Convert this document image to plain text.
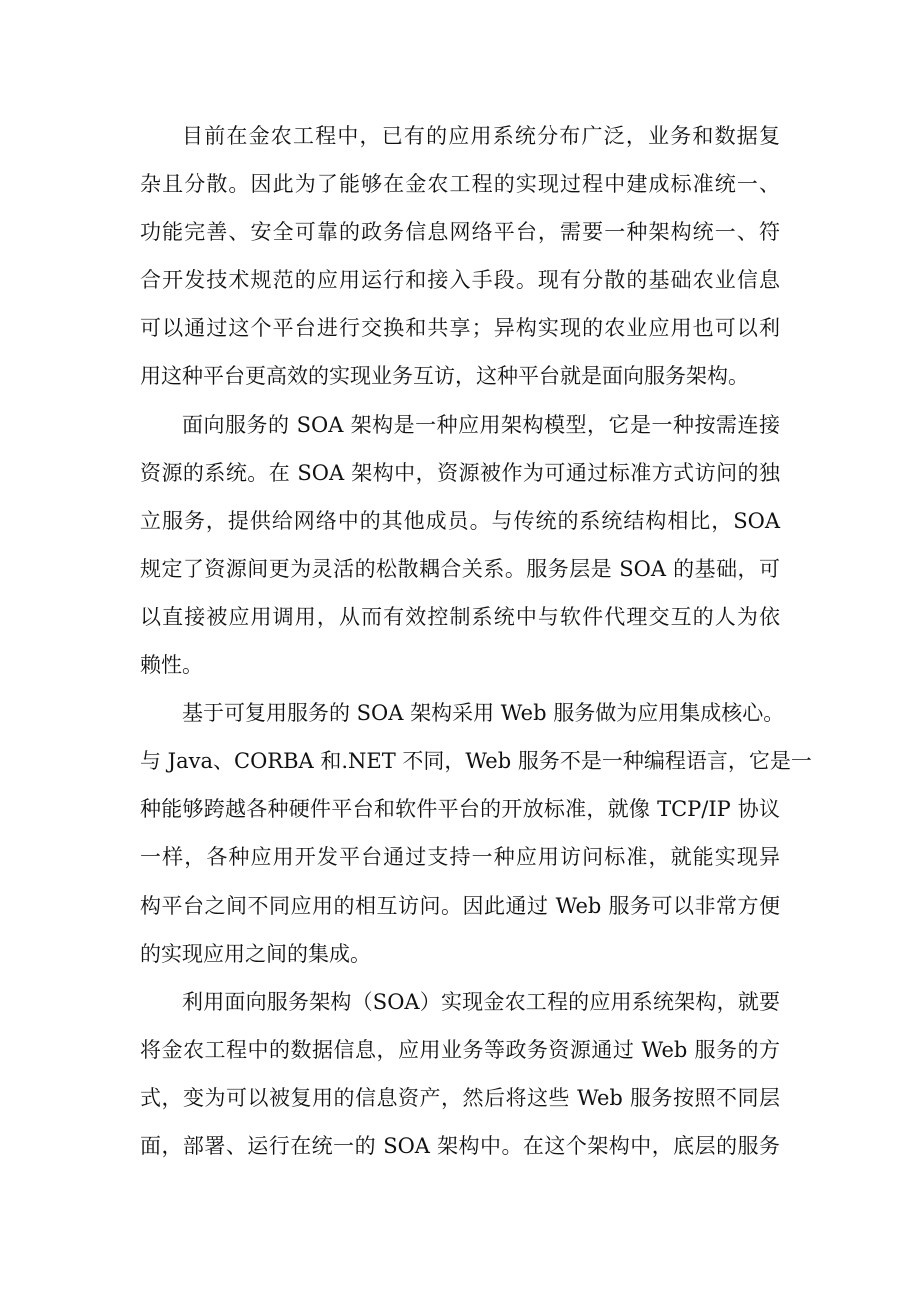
目前在金农工程中，已有的应用系统分布广泛，业务和数据复
杂且分散。因此为了能够在金农工程的实现过程中建成标准统一、
功能完善、安全可靠的政务信息网络平台，需要一种架构统一、符
合开发技术规范的应用运行和接入手段。现有分散的基础农业信息
可以通过这个平台进行交换和共享；异构实现的农业应用也可以利
用这种平台更高效的实现业务互访，这种平台就是面向服务架构。
面向服务的 SOA 架构是一种应用架构模型，它是一种按需连接
资源的系统。在 SOA 架构中，资源被作为可通过标准方式访问的独
立服务，提供给网络中的其他成员。与传统的系统结构相比，SOA
规定了资源间更为灵活的松散耦合关系。服务层是 SOA 的基础，可
以直接被应用调用，从而有效控制系统中与软件代理交互的人为依
赖性。
基于可复用服务的 SOA 架构采用 Web 服务做为应用集成核心。
与 Java、CORBA 和.NET 不同，Web 服务不是一种编程语言，它是一
种能够跨越各种硬件平台和软件平台的开放标准，就像 TCP/IP 协议
一样，各种应用开发平台通过支持一种应用访问标准，就能实现异
构平台之间不同应用的相互访问。因此通过 Web 服务可以非常方便
的实现应用之间的集成。
利用面向服务架构（SOA）实现金农工程的应用系统架构，就要
将金农工程中的数据信息，应用业务等政务资源通过 Web 服务的方
式，变为可以被复用的信息资产，然后将这些 Web 服务按照不同层
面，部署、运行在统一的 SOA 架构中。在这个架构中，底层的服务
